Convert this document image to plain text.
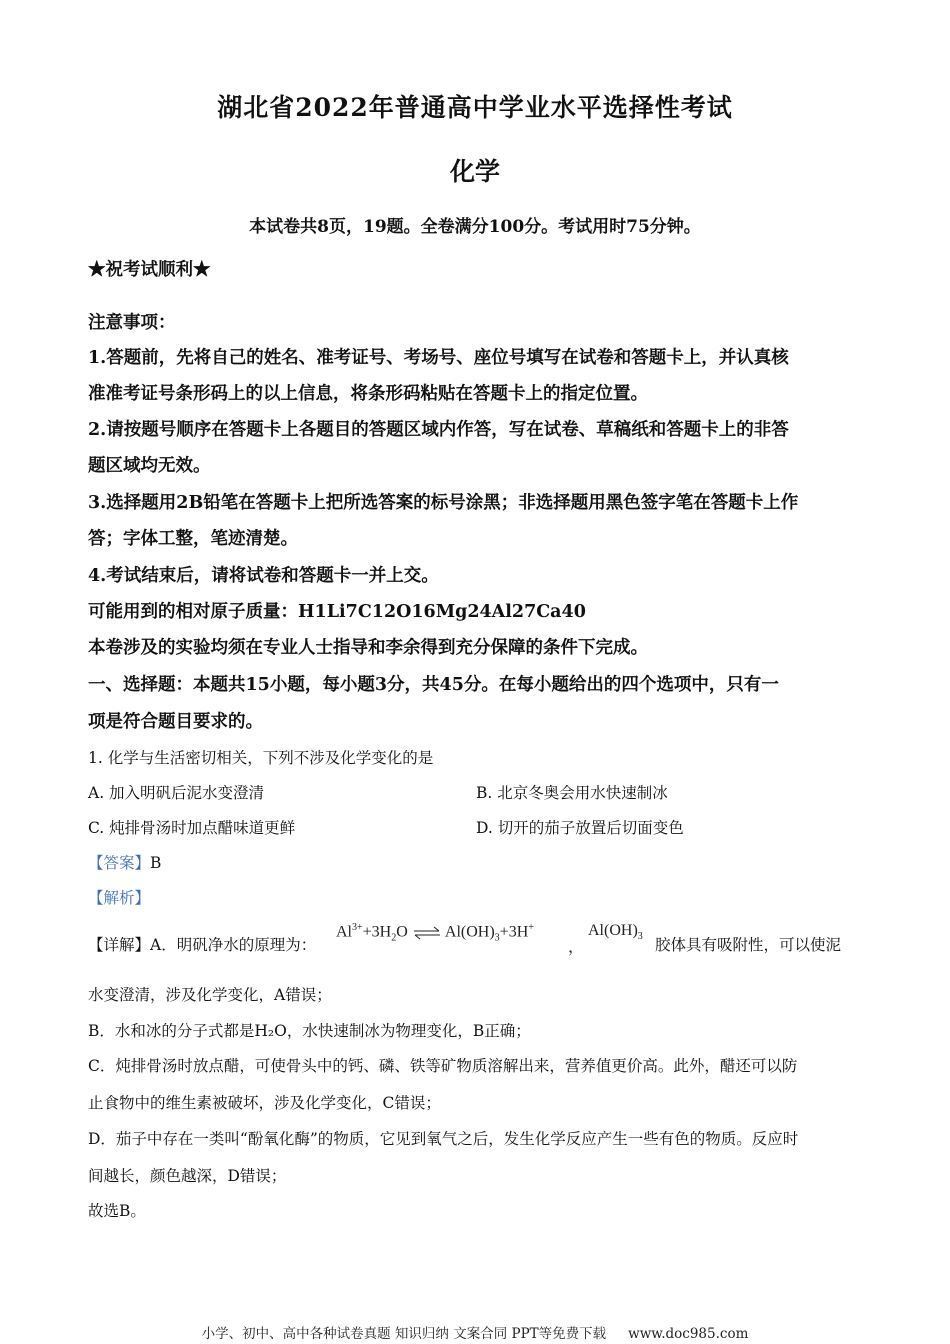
湖北省2022年普通高中学业水平选择性考试
化学
本试卷共8页，19题。全卷满分100分。考试用时75分钟。
★祝考试顺利★
注意事项：
1.答题前，先将自己的姓名、准考证号、考场号、座位号填写在试卷和答题卡上，并认真核
准准考证号条形码上的以上信息，将条形码粘贴在答题卡上的指定位置。
2.请按题号顺序在答题卡上各题目的答题区域内作答，写在试卷、草稿纸和答题卡上的非答
题区域均无效。
3.选择题用2B铅笔在答题卡上把所选答案的标号涂黑；非选择题用黑色签字笔在答题卡上作
答；字体工整，笔迹清楚。
4.考试结束后，请将试卷和答题卡一并上交。
可能用到的相对原子质量：H1Li7C12O16Mg24Al27Ca40
本卷涉及的实验均须在专业人士指导和李余得到充分保障的条件下完成。
一、选择题：本题共15小题，每小题3分，共45分。在每小题给出的四个选项中，只有一
项是符合题目要求的。
1. 化学与生活密切相关，下列不涉及化学变化的是
A. 加入明矾后泥水变澄清	B. 北京冬奥会用水快速制冰
C. 炖排骨汤时加点醋味道更鲜	D. 切开的茄子放置后切面变色
【答案】B
【解析】
【详解】A．明矾净水的原理为：
$Al^{3+}+3H_2O$ ⇌ $Al(OH)_3+3H^+$
，
$Al(OH)_3$ 胶体具有吸附性，可以使泥
水变澄清，涉及化学变化，A错误；
B．水和冰的分子式都是H₂O，水快速制冰为物理变化，B正确；
C．炖排骨汤时放点醋，可使骨头中的钙、磷、铁等矿物质溶解出来，营养值更价高。此外，醋还可以防
止食物中的维生素被破坏，涉及化学变化，C错误；
D．茄子中存在一类叫“酚氧化酶”的物质，它见到氧气之后，发生化学反应产生一些有色的物质。反应时
间越长，颜色越深，D错误；
故选B。
小学、初中、高中各种试卷真题 知识归纳 文案合同 PPT等免费下载 www.doc985.com
